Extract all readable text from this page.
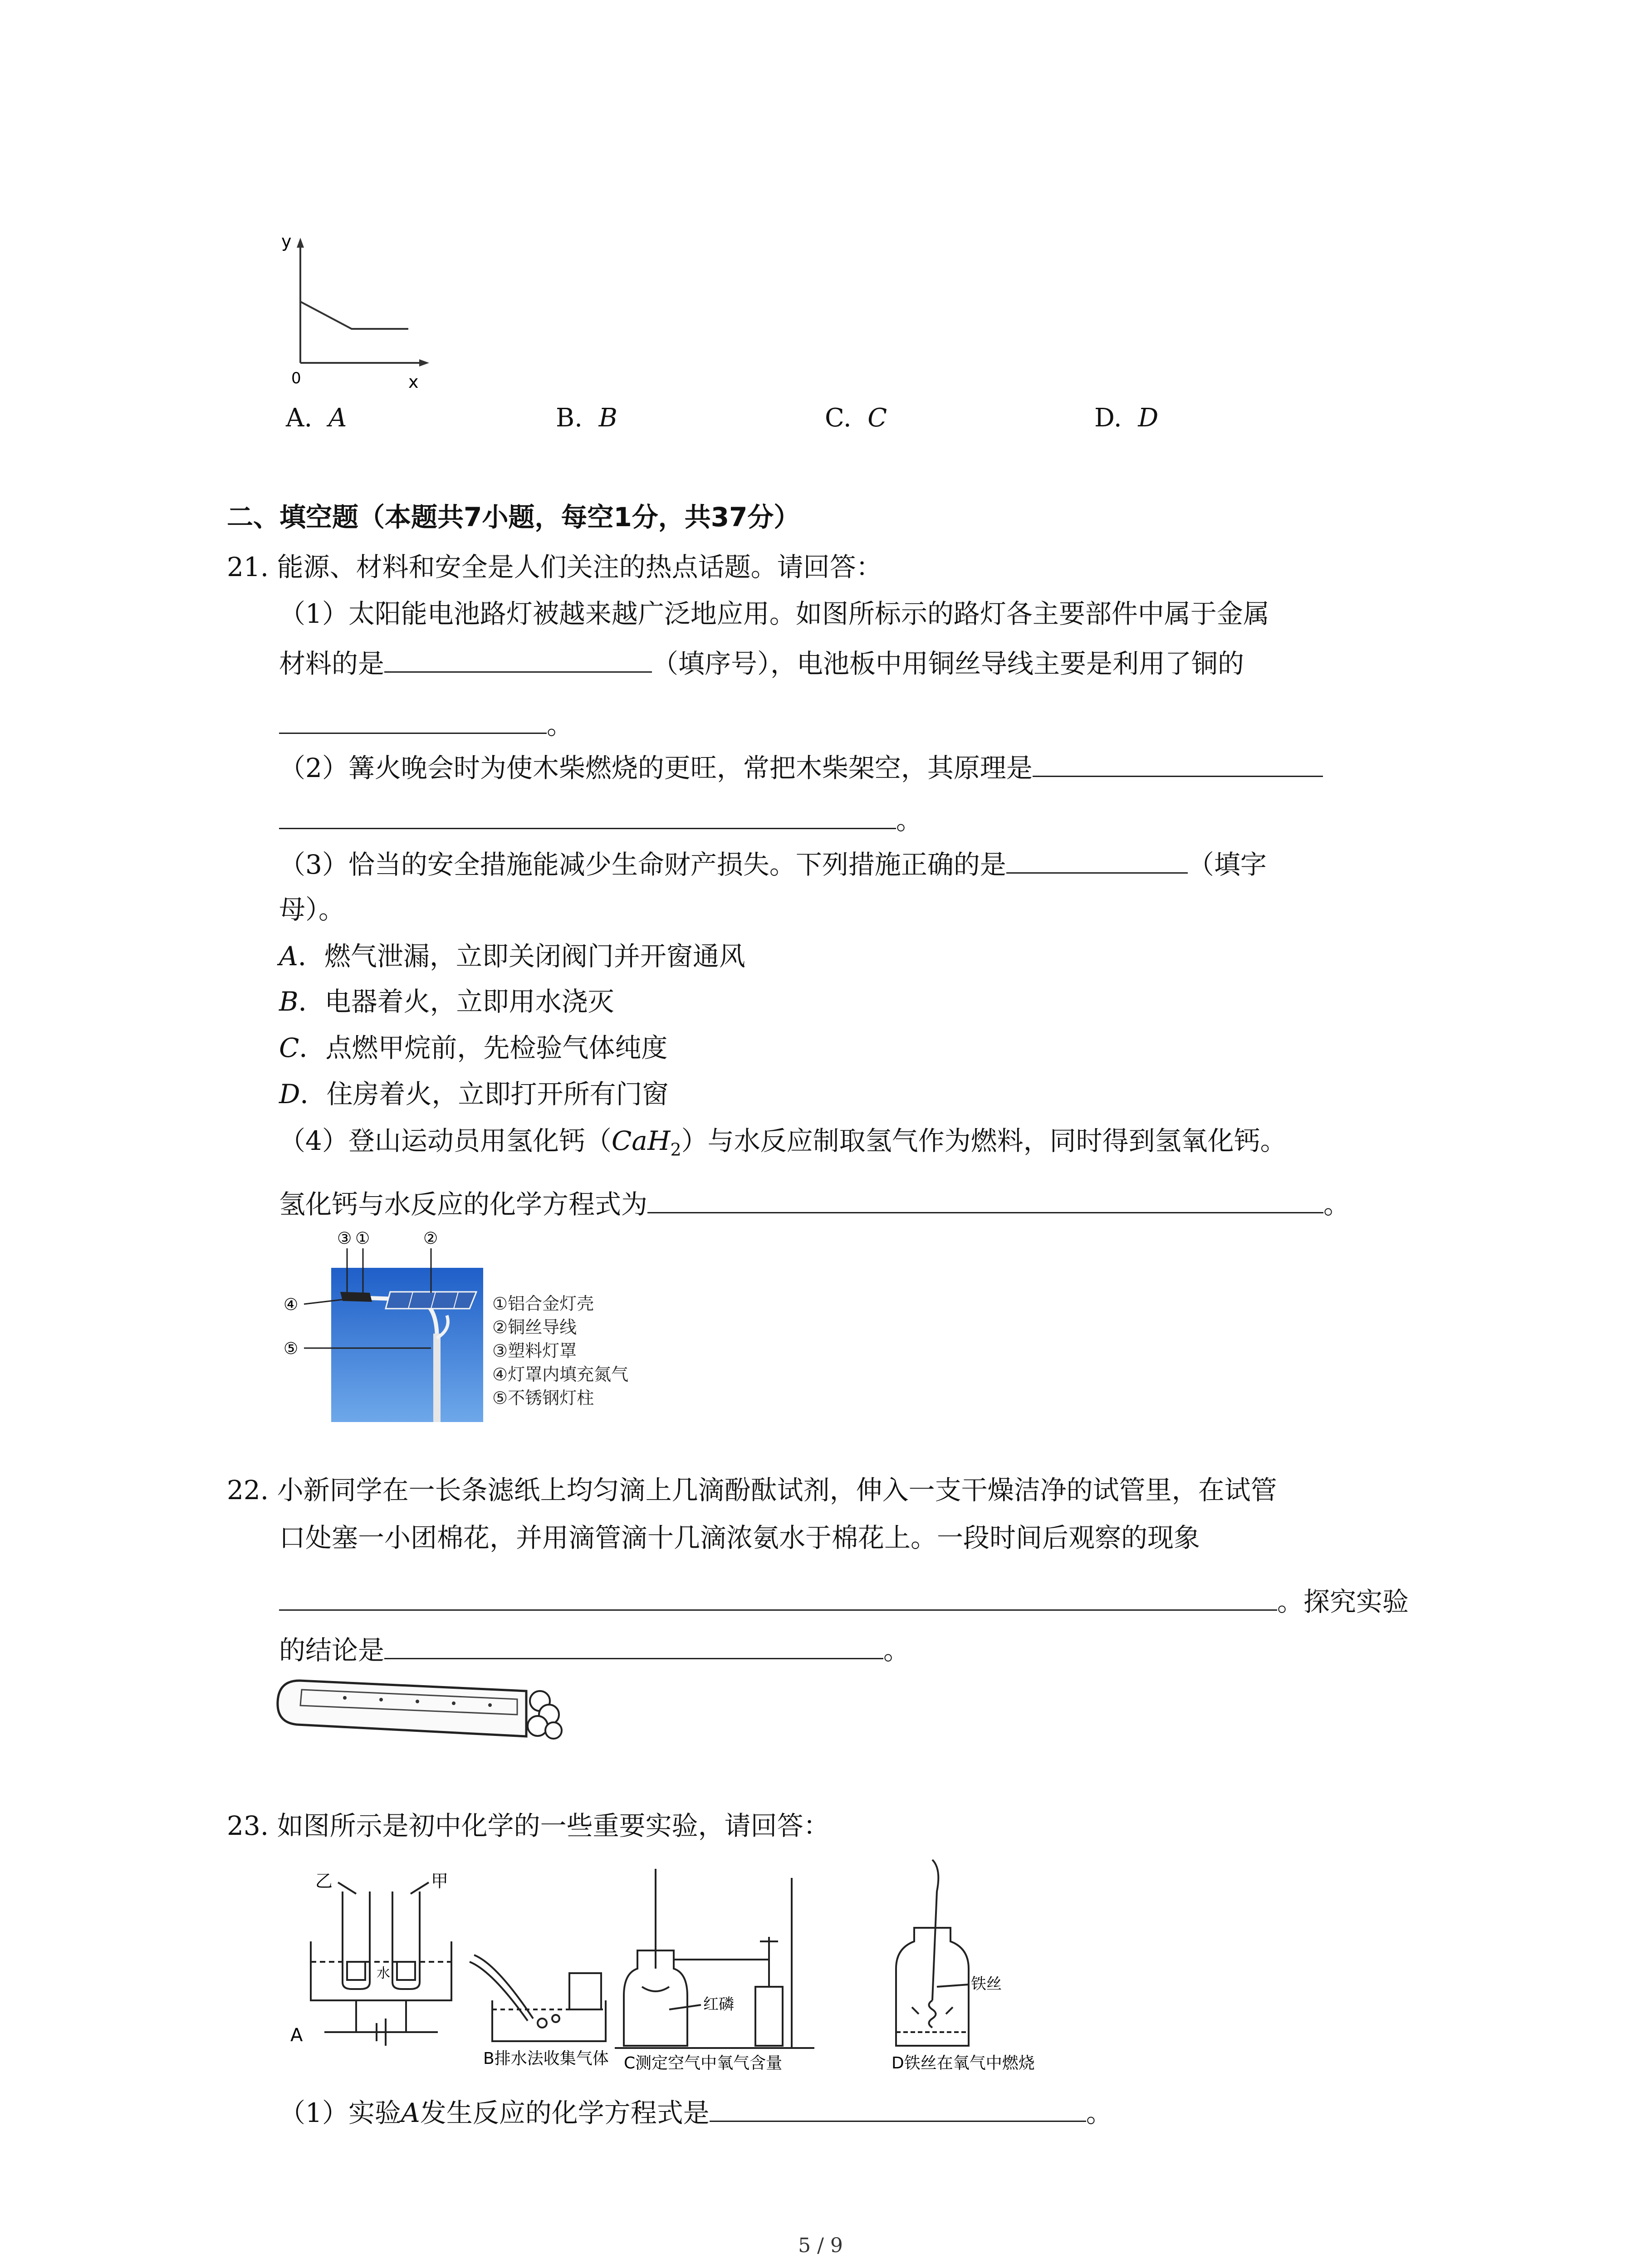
y
0	x
A. A	B. B	C. C	D. D
二、填空题（本题共7小题，每空1分，共37分）
21. 能源、材料和安全是人们关注的热点话题。请回答：
（1）太阳能电池路灯被越来越广泛地应用。如图所标示的路灯各主要部件中属于金属
材料的是	（填序号），电池板中用铜丝导线主要是利用了铜的
。
（2）篝火晚会时为使木柴燃烧的更旺，常把木柴架空，其原理是
。
（3）恰当的安全措施能减少生命财产损失。下列措施正确的是	（填字
母）。
A．燃气泄漏，立即关闭阀门并开窗通风
B．电器着火，立即用水浇灭
C．点燃甲烷前，先检验气体纯度
D．住房着火，立即打开所有门窗
（4）登山运动员用氢化钙（CaH$_2$）与水反应制取氢气作为燃料，同时得到氢氧化钙。
氢化钙与水反应的化学方程式为	。
③ ①	②
④
⑤
①铝合金灯壳
②铜丝导线
③塑料灯罩
④灯罩内填充氮气
⑤不锈钢灯柱
22. 小新同学在一长条滤纸上均匀滴上几滴酚酞试剂，伸入一支干燥洁净的试管里，在试管
口处塞一小团棉花，并用滴管滴十几滴浓氨水于棉花上。一段时间后观察的现象
。探究实验
的结论是	。
23. 如图所示是初中化学的一些重要实验，请回答：
乙	甲
水
A
B排水法收集气体
红磷
C测定空气中氧气含量
铁丝
D铁丝在氧气中燃烧
（1）实验A发生反应的化学方程式是	。
5 / 9
